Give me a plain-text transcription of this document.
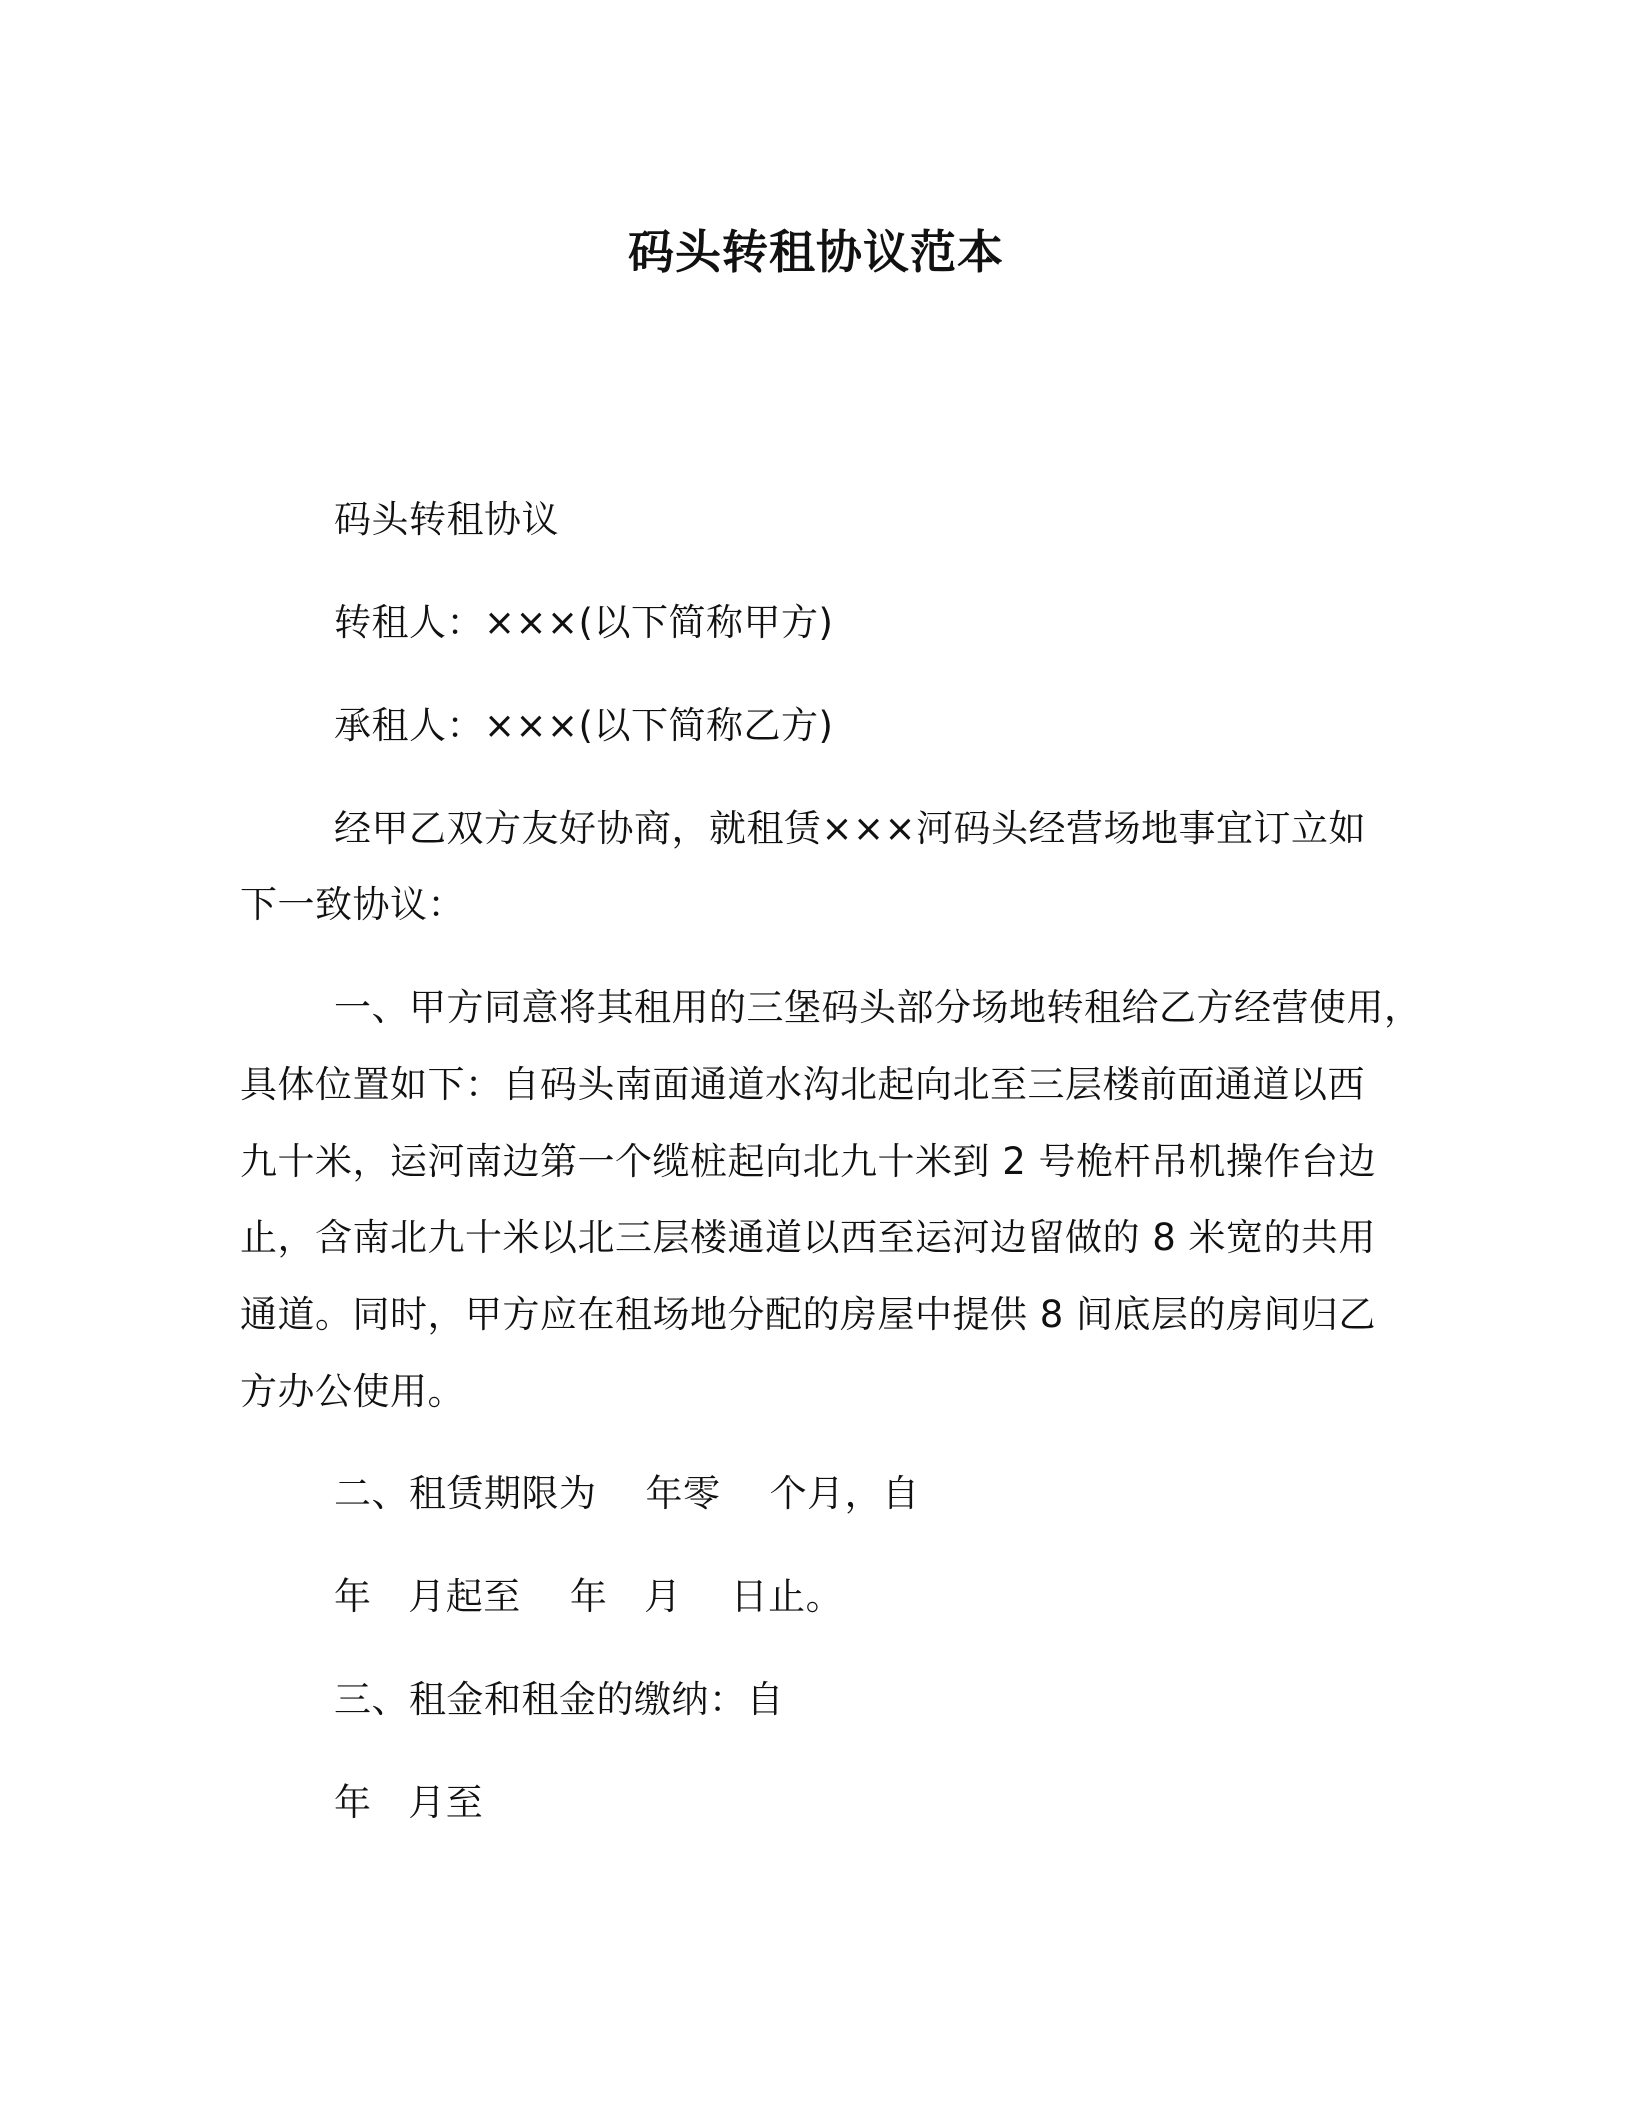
码头转租协议范本
码头转租协议
转租人：×××(以下简称甲方)
承租人：×××(以下简称乙方)
经甲乙双方友好协商，就租赁×××河码头经营场地事宜订立如
下一致协议：
一、甲方同意将其租用的三堡码头部分场地转租给乙方经营使用，
具体位置如下：自码头南面通道水沟北起向北至三层楼前面通道以西
九十米，运河南边第一个缆桩起向北九十米到 2 号桅杆吊机操作台边
止，含南北九十米以北三层楼通道以西至运河边留做的 8 米宽的共用
通道。同时，甲方应在租场地分配的房屋中提供 8 间底层的房间归乙
方办公使用。
二、租赁期限为    年零    个月，自
年   月起至    年   月    日止。
三、租金和租金的缴纳：自
年   月至
